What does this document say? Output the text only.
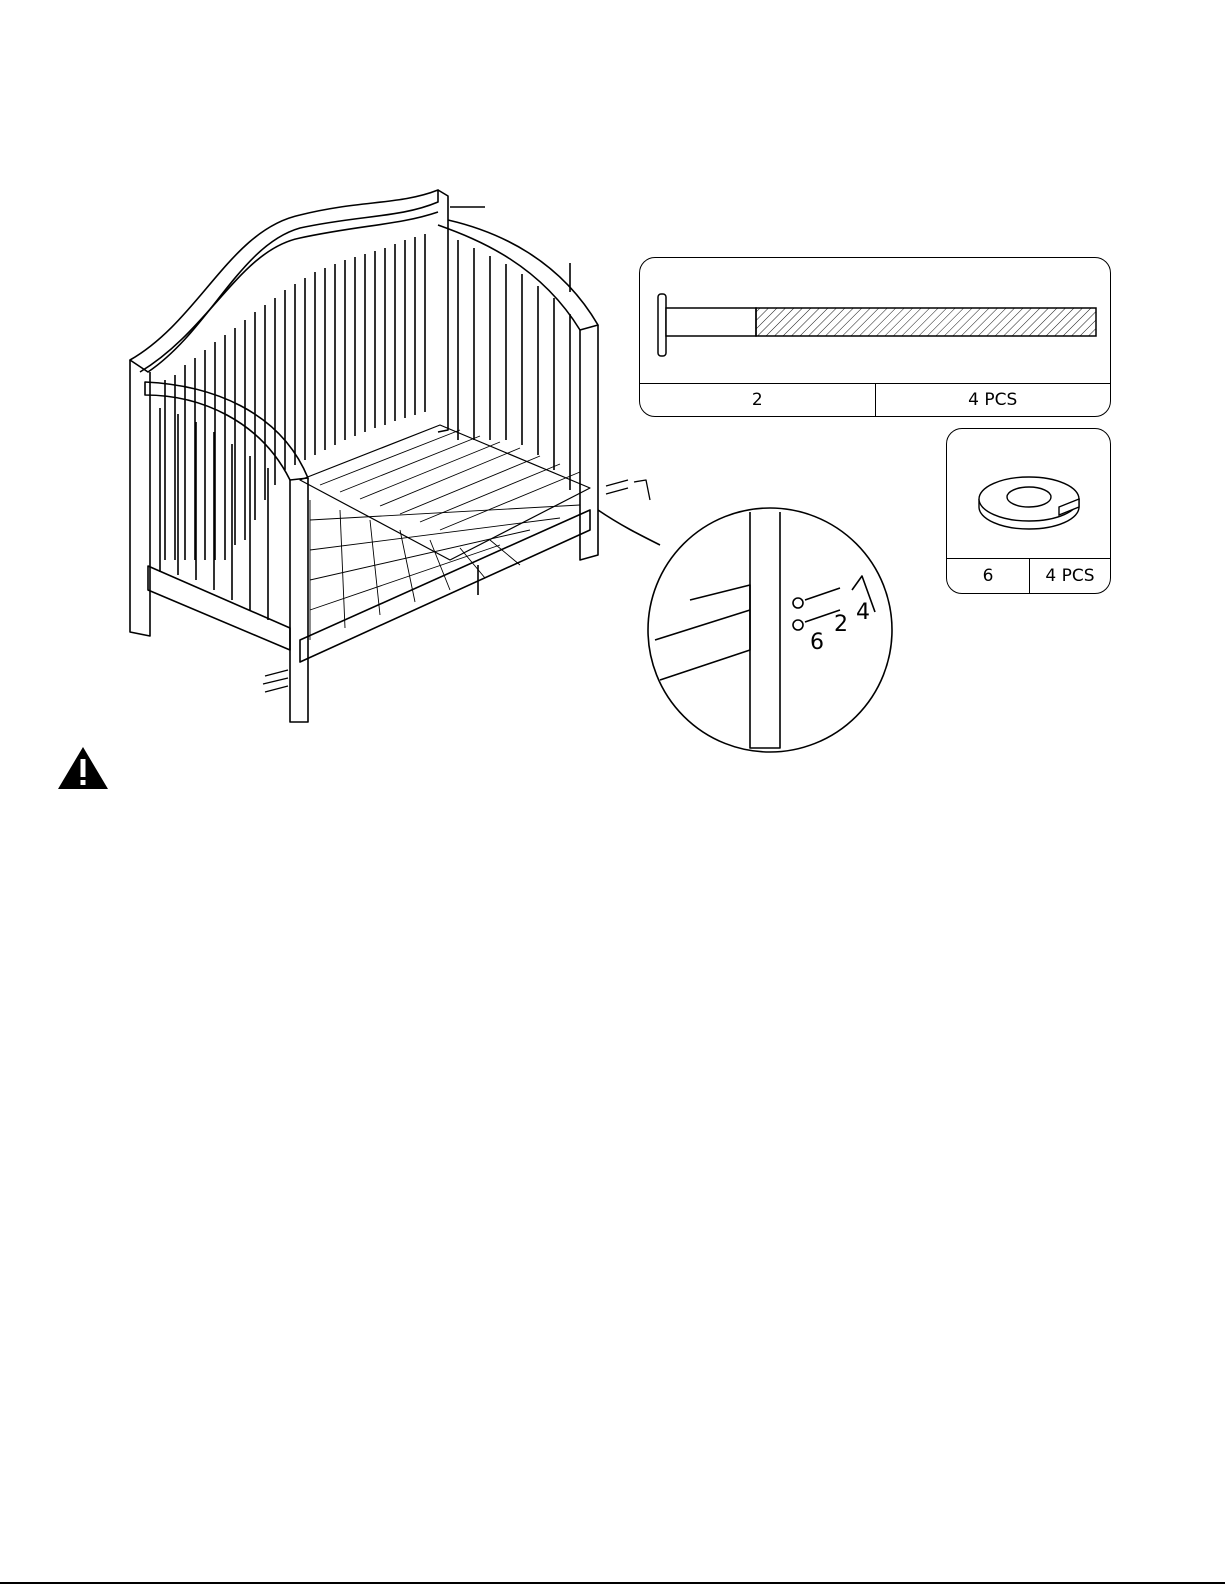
6
2 4
2	4 PCS
6	4 PCS
